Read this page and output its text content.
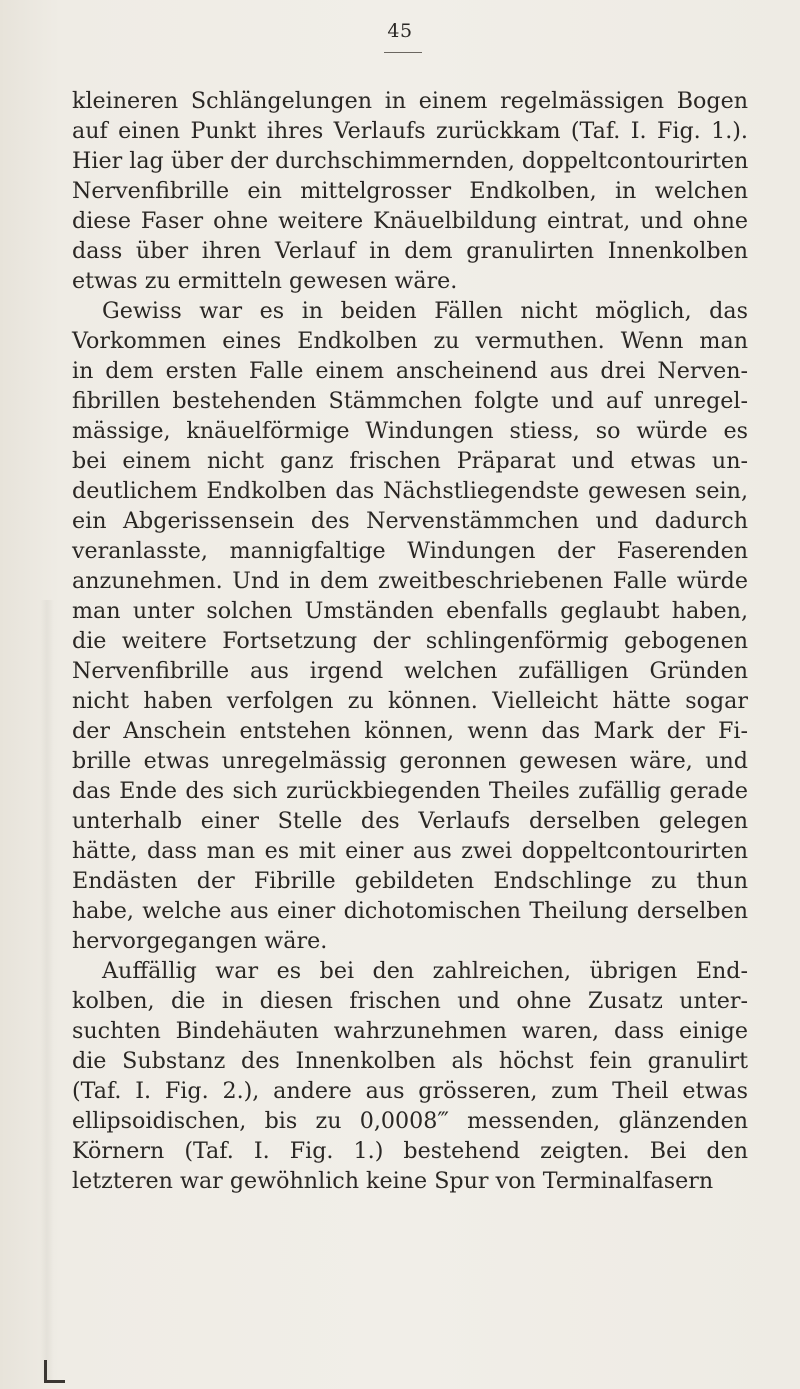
45
kleineren Schlängelungen in einem regelmässigen Bogen
auf einen Punkt ihres Verlaufs zurückkam (Taf. I. Fig. 1.).
Hier lag über der durchschimmernden, doppeltcontourirten
Nervenfibrille ein mittelgrosser Endkolben, in welchen
diese Faser ohne weitere Knäuelbildung eintrat, und ohne
dass über ihren Verlauf in dem granulirten Innenkolben
etwas zu ermitteln gewesen wäre.
Gewiss war es in beiden Fällen nicht möglich, das
Vorkommen eines Endkolben zu vermuthen. Wenn man
in dem ersten Falle einem anscheinend aus drei Nerven-
fibrillen bestehenden Stämmchen folgte und auf unregel-
mässige, knäuelförmige Windungen stiess, so würde es
bei einem nicht ganz frischen Präparat und etwas un-
deutlichem Endkolben das Nächstliegendste gewesen sein,
ein Abgerissensein des Nervenstämmchen und dadurch
veranlasste, mannigfaltige Windungen der Faserenden
anzunehmen. Und in dem zweitbeschriebenen Falle würde
man unter solchen Umständen ebenfalls geglaubt haben,
die weitere Fortsetzung der schlingenförmig gebogenen
Nervenfibrille aus irgend welchen zufälligen Gründen
nicht haben verfolgen zu können. Vielleicht hätte sogar
der Anschein entstehen können, wenn das Mark der Fi-
brille etwas unregelmässig geronnen gewesen wäre, und
das Ende des sich zurückbiegenden Theiles zufällig gerade
unterhalb einer Stelle des Verlaufs derselben gelegen
hätte, dass man es mit einer aus zwei doppeltcontourirten
Endästen der Fibrille gebildeten Endschlinge zu thun
habe, welche aus einer dichotomischen Theilung derselben
hervorgegangen wäre.
Auffällig war es bei den zahlreichen, übrigen End-
kolben, die in diesen frischen und ohne Zusatz unter-
suchten Bindehäuten wahrzunehmen waren, dass einige
die Substanz des Innenkolben als höchst fein granulirt
(Taf. I. Fig. 2.), andere aus grösseren, zum Theil etwas
ellipsoidischen, bis zu 0,0008‴ messenden, glänzenden
Körnern (Taf. I. Fig. 1.) bestehend zeigten. Bei den
letzteren war gewöhnlich keine Spur von Terminalfasern
